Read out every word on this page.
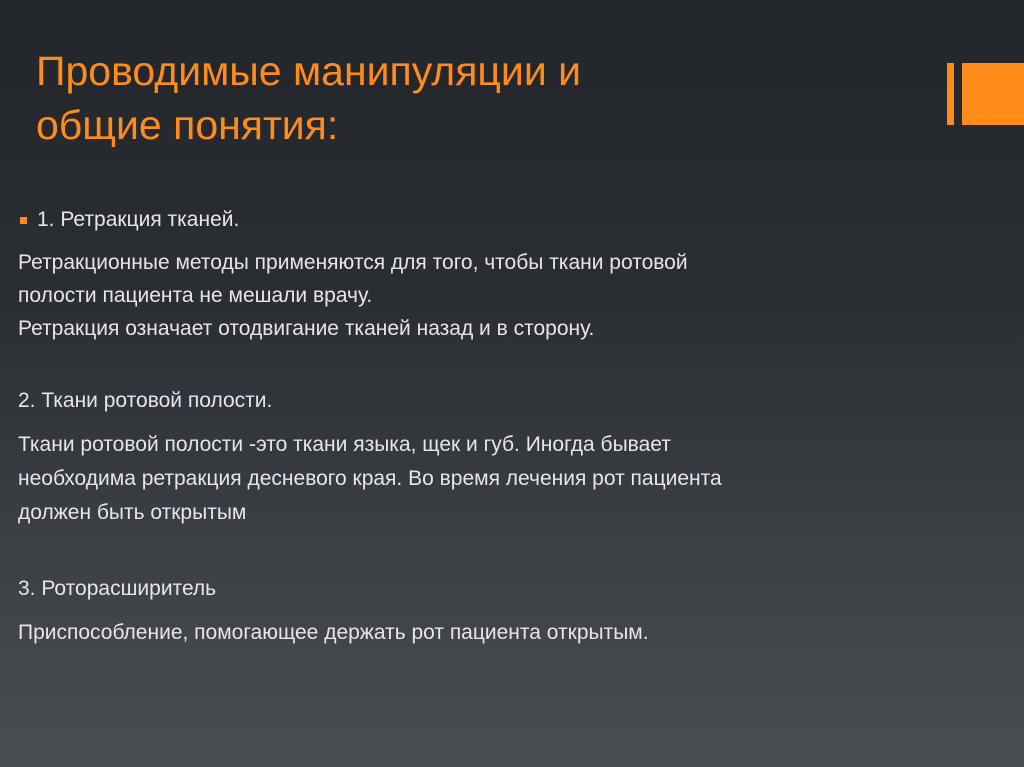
Проводимые манипуляции и
общие понятия:
1. Ретракция тканей.

Ретракционные методы применяются для того, чтобы ткани ротовой
полости пациента не мешали врачу.
Ретракция означает отодвигание тканей назад и в сторону.

2. Ткани ротовой полости.

Ткани ротовой полости -это ткани языка, щек и губ. Иногда бывает
необходима ретракция десневого края. Во время лечения рот пациента
должен быть открытым

3. Роторасширитель

Приспособление, помогающее держать рот пациента открытым.
